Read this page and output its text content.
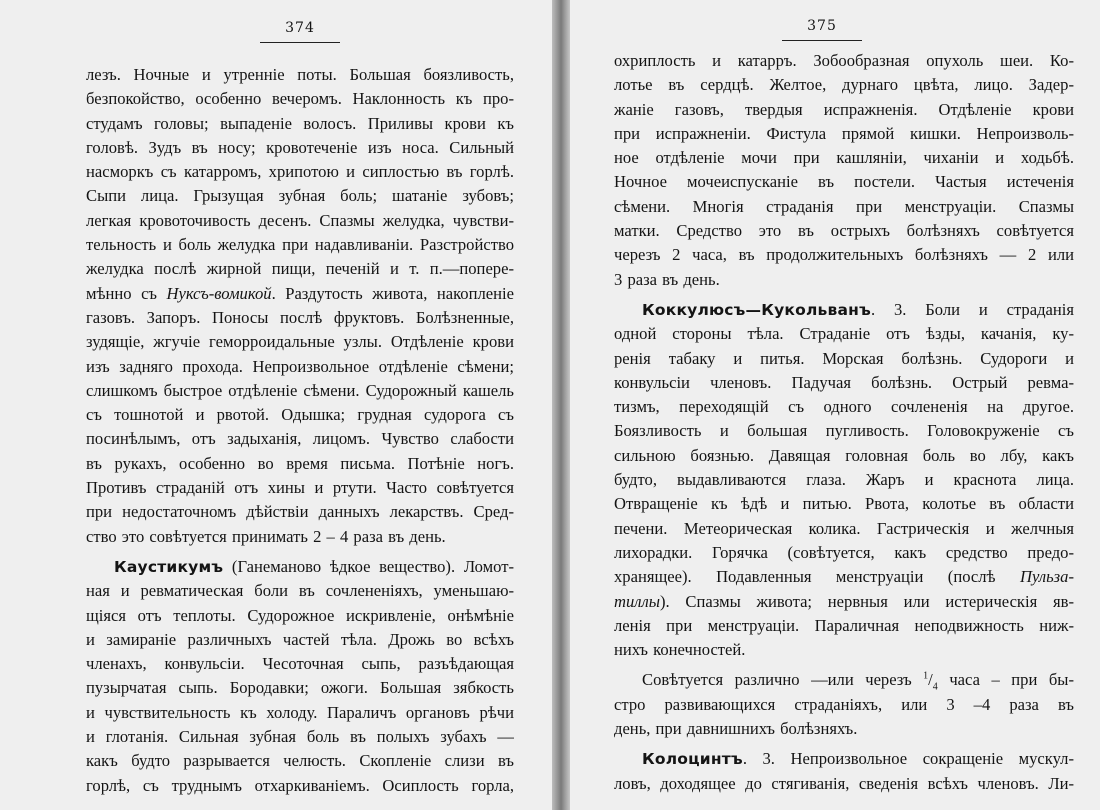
374
лезъ. Ночные и утренніе поты. Большая боязливость,
безпокойство, особенно вечеромъ. Наклонность къ про-
студамъ головы; выпаденіе волосъ. Приливы крови къ
головѣ. Зудъ въ носу; кровотеченіе изъ носа. Сильный
насморкъ съ катарромъ, хрипотою и сиплостью въ горлѣ.
Сыпи лица. Грызущая зубная боль; шатаніе зубовъ;
легкая кровоточивость десенъ. Спазмы желудка, чувстви-
тельность и боль желудка при надавливаніи. Разстройство
желудка послѣ жирной пищи, печеній и т. п.—попере-
мѣнно съ Нуксъ-вомикой. Раздутость живота, накопленіе
газовъ. Запоръ. Поносы послѣ фруктовъ. Болѣзненные,
зудящіе, жгучіе геморроидальные узлы. Отдѣленіе крови
изъ задняго прохода. Непроизвольное отдѣленіе сѣмени;
слишкомъ быстрое отдѣленіе сѣмени. Судорожный кашель
съ тошнотой и рвотой. Одышка; грудная судорога съ
посинѣлымъ, отъ задыханія, лицомъ. Чувство слабости
въ рукахъ, особенно во время письма. Потѣніе ногъ.
Противъ страданій отъ хины и ртути. Часто совѣтуется
при недостаточномъ дѣйствіи данныхъ лекарствъ. Сред-
ство это совѣтуется принимать 2 – 4 раза въ день.
Каустикумъ (Ганеманово ѣдкое вещество). Ломот-
ная и ревматическая боли въ сочлененіяхъ, уменьшаю-
щіяся отъ теплоты. Судорожное искривленіе, онѣмѣніе
и замираніе различныхъ частей тѣла. Дрожь во всѣхъ
членахъ, конвульсіи. Чесоточная сыпь, разъѣдающая
пузырчатая сыпь. Бородавки; ожоги. Большая зябкость
и чувствительность къ холоду. Параличъ органовъ рѣчи
и глотанія. Сильная зубная боль въ полыхъ зубахъ —
какъ будто разрывается челюсть. Скопленіе слизи въ
горлѣ, съ труднымъ отхаркиваніемъ. Осиплость горла,
375
охриплость и катарръ. Зобообразная опухоль шеи. Ко-
лотье въ сердцѣ. Желтое, дурнаго цвѣта, лицо. Задер-
жаніе газовъ, твердыя испражненія. Отдѣленіе крови
при испражненіи. Фистула прямой кишки. Непроизволь-
ное отдѣленіе мочи при кашляніи, чиханіи и ходьбѣ.
Ночное мочеиспусканіе въ постели. Частыя истеченія
сѣмени. Многія страданія при менструаціи. Спазмы
матки. Средство это въ острыхъ болѣзняхъ совѣтуется
черезъ 2 часа, въ продолжительныхъ болѣзняхъ — 2 или
3 раза въ день.
Коккулюсъ—Кукольванъ. 3. Боли и страданія
одной стороны тѣла. Страданіе отъ ѣзды, качанія, ку-
ренія табаку и питья. Морская болѣзнь. Судороги и
конвульсіи членовъ. Падучая болѣзнь. Острый ревма-
тизмъ, переходящій съ одного сочлененія на другое.
Боязливость и большая пугливость. Головокруженіе съ
сильною боязнью. Давящая головная боль во лбу, какъ
будто, выдавливаются глаза. Жаръ и краснота лица.
Отвращеніе къ ѣдѣ и питью. Рвота, колотье въ области
печени. Метеорическая колика. Гастрическія и желчныя
лихорадки. Горячка (совѣтуется, какъ средство предо-
хранящее). Подавленныя менструаціи (послѣ Пульза-
тиллы). Спазмы живота; нервныя или истерическія яв-
ленія при менструаціи. Параличная неподвижность ниж-
нихъ конечностей.
Совѣтуется различно —или черезъ $^1/_4$ часа – при бы-
стро развивающихся страданіяхъ, или 3 –4 раза въ
день, при давнишнихъ болѣзняхъ.
Колоцинтъ. 3. Непроизвольное сокращеніе мускул-
ловъ, доходящее до стягиванія, сведенія всѣхъ членовъ. Ли-
